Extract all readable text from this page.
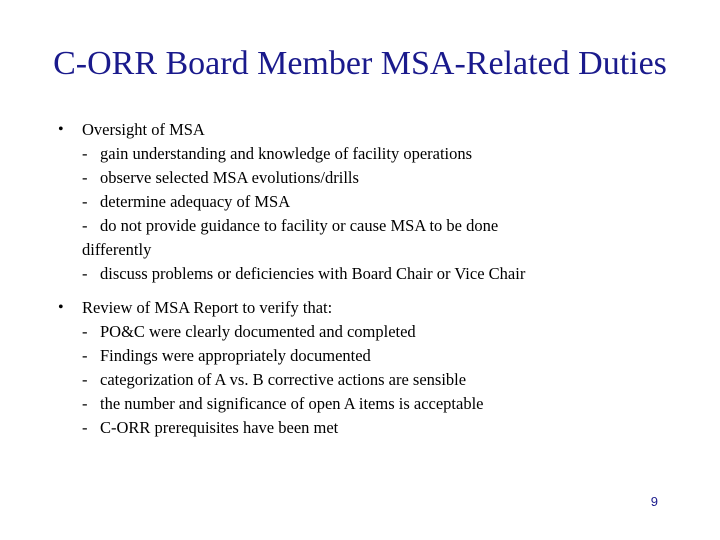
C-ORR Board Member MSA-Related Duties
• Oversight of MSA
- gain understanding and knowledge of facility operations
- observe selected MSA evolutions/drills
- determine adequacy of MSA
- do not provide guidance to facility or cause MSA to be done
differently
- discuss problems or deficiencies with Board Chair or Vice Chair
• Review of MSA Report to verify that:
- PO&C were clearly documented and completed
- Findings were appropriately documented
- categorization of A vs. B corrective actions are sensible
- the number and significance of open A items is acceptable
- C-ORR prerequisites have been met
9
